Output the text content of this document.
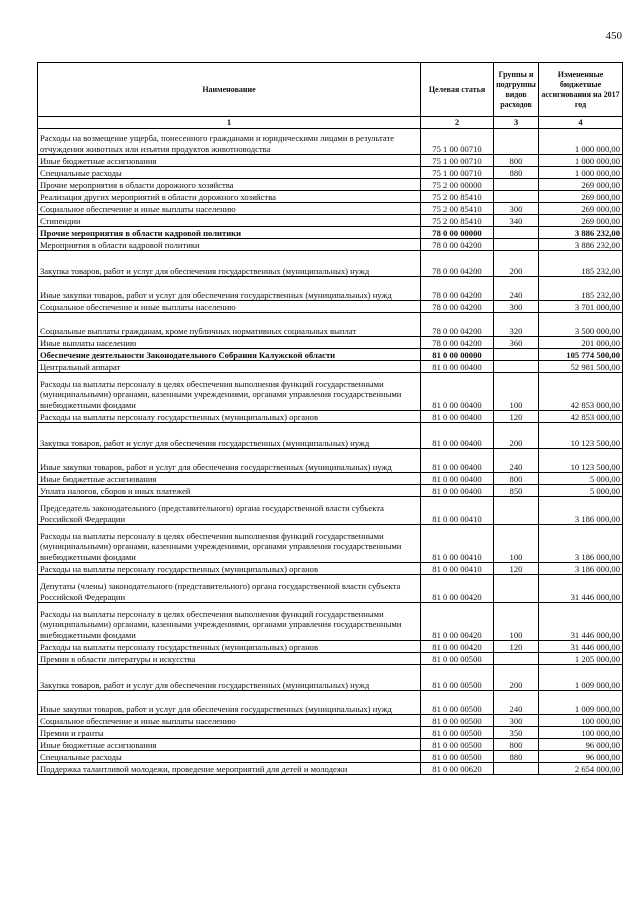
450
Наименование	Целевая статья	Группы и подгруппы видов расходов	Измененные бюджетные ассигнования на 2017 год
1	2	3	4
Расходы на возмещение ущерба, понесенного гражданами и юридическими лицами в результате отчуждения животных или изъятия продуктов животноводства	75 1 00 00710		1 000 000,00
Иные бюджетные ассигнования	75 1 00 00710	800	1 000 000,00
Специальные расходы	75 1 00 00710	880	1 000 000,00
Прочие мероприятия в области дорожного хозяйства	75 2 00 00000		269 000,00
Реализация других мероприятий в области дорожного хозяйства	75 2 00 85410		269 000,00
Социальное обеспечение и иные выплаты населению	75 2 00 85410	300	269 000,00
Стипендии	75 2 00 85410	340	269 000,00
Прочие мероприятия в области кадровой политики	78 0 00 00000		3 886 232,00
Мероприятия в области кадровой политики	78 0 00 04200		3 886 232,00
Закупка товаров, работ и услуг для обеспечения государственных (муниципальных) нужд	78 0 00 04200	200	185 232,00
Иные закупки товаров, работ и услуг для обеспечения государственных (муниципальных) нужд	78 0 00 04200	240	185 232,00
Социальное обеспечение и иные выплаты населению	78 0 00 04200	300	3 701 000,00
Социальные выплаты гражданам, кроме публичных нормативных социальных выплат	78 0 00 04200	320	3 500 000,00
Иные выплаты населению	78 0 00 04200	360	201 000,00
Обеспечение деятельности Законодательного Собрания Калужской области	81 0 00 00000		105 774 500,00
Центральный аппарат	81 0 00 00400		52 981 500,00
Расходы на выплаты персоналу в целях обеспечения выполнения функций государственными (муниципальными) органами, казенными учреждениями, органами управления государственными внебюджетными фондами	81 0 00 00400	100	42 853 000,00
Расходы на выплаты персоналу государственных (муниципальных) органов	81 0 00 00400	120	42 853 000,00
Закупка товаров, работ и услуг для обеспечения государственных (муниципальных) нужд	81 0 00 00400	200	10 123 500,00
Иные закупки товаров, работ и услуг для обеспечения государственных (муниципальных) нужд	81 0 00 00400	240	10 123 500,00
Иные бюджетные ассигнования	81 0 00 00400	800	5 000,00
Уплата налогов, сборов и иных платежей	81 0 00 00400	850	5 000,00
Председатель законодательного (представительного) органа государственной власти субъекта Российской Федерации	81 0 00 00410		3 186 000,00
Расходы на выплаты персоналу в целях обеспечения выполнения функций государственными (муниципальными) органами, казенными учреждениями, органами управления государственными внебюджетными фондами	81 0 00 00410	100	3 186 000,00
Расходы на выплаты персоналу государственных (муниципальных) органов	81 0 00 00410	120	3 186 000,00
Депутаты (члены) законодательного (представительного) органа государственной власти субъекта Российской Федерации	81 0 00 00420		31 446 000,00
Расходы на выплаты персоналу в целях обеспечения выполнения функций государственными (муниципальными) органами, казенными учреждениями, органами управления государственными внебюджетными фондами	81 0 00 00420	100	31 446 000,00
Расходы на выплаты персоналу государственных (муниципальных) органов	81 0 00 00420	120	31 446 000,00
Премии в области литературы и искусства	81 0 00 00500		1 205 000,00
Закупка товаров, работ и услуг для обеспечения государственных (муниципальных) нужд	81 0 00 00500	200	1 009 000,00
Иные закупки товаров, работ и услуг для обеспечения государственных (муниципальных) нужд	81 0 00 00500	240	1 009 000,00
Социальное обеспечение и иные выплаты населению	81 0 00 00500	300	100 000,00
Премии и гранты	81 0 00 00500	350	100 000,00
Иные бюджетные ассигнования	81 0 00 00500	800	96 000,00
Специальные расходы	81 0 00 00500	880	96 000,00
Поддержка талантливой молодежи, проведение мероприятий для детей и молодежи	81 0 00 00620		2 654 000,00
